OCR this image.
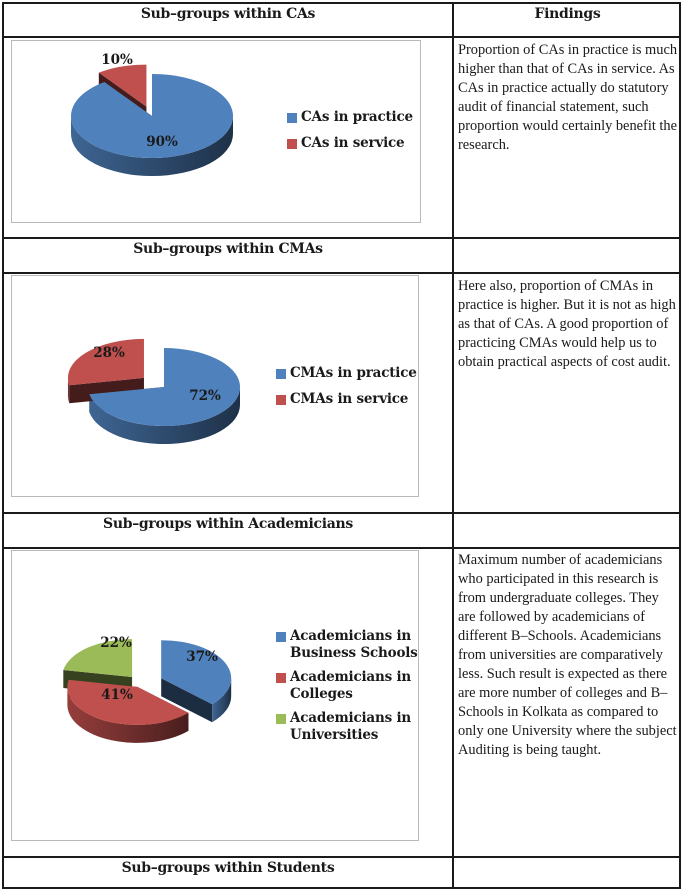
Sub–groups within CAs	Findings
90%
10%
CAs in practice
CAs in service
Proportion of CAs in practice is much higher than that of CAs in service. As CAs in practice actually do statutory audit of financial statement, such proportion would certainly benefit the research.
Sub–groups within CMAs
72%
28%
CMAs in practice
CMAs in service
Here also, proportion of CMAs in practice is higher. But it is not as high as that of CAs. A good proportion of practicing CMAs would help us to obtain practical aspects of cost audit.
Sub–groups within Academicians
37%
41%
22%	Academicians in
Business Schools
Academicians in
Colleges
Academicians in
Universities
Maximum number of academicians who participated in this research is from undergraduate colleges. They are followed by academicians of different B–Schools. Academicians from universities are comparatively less. Such result is expected as there are more number of colleges and B–Schools in Kolkata as compared to only one University where the subject Auditing is being taught.
Sub–groups within Students
